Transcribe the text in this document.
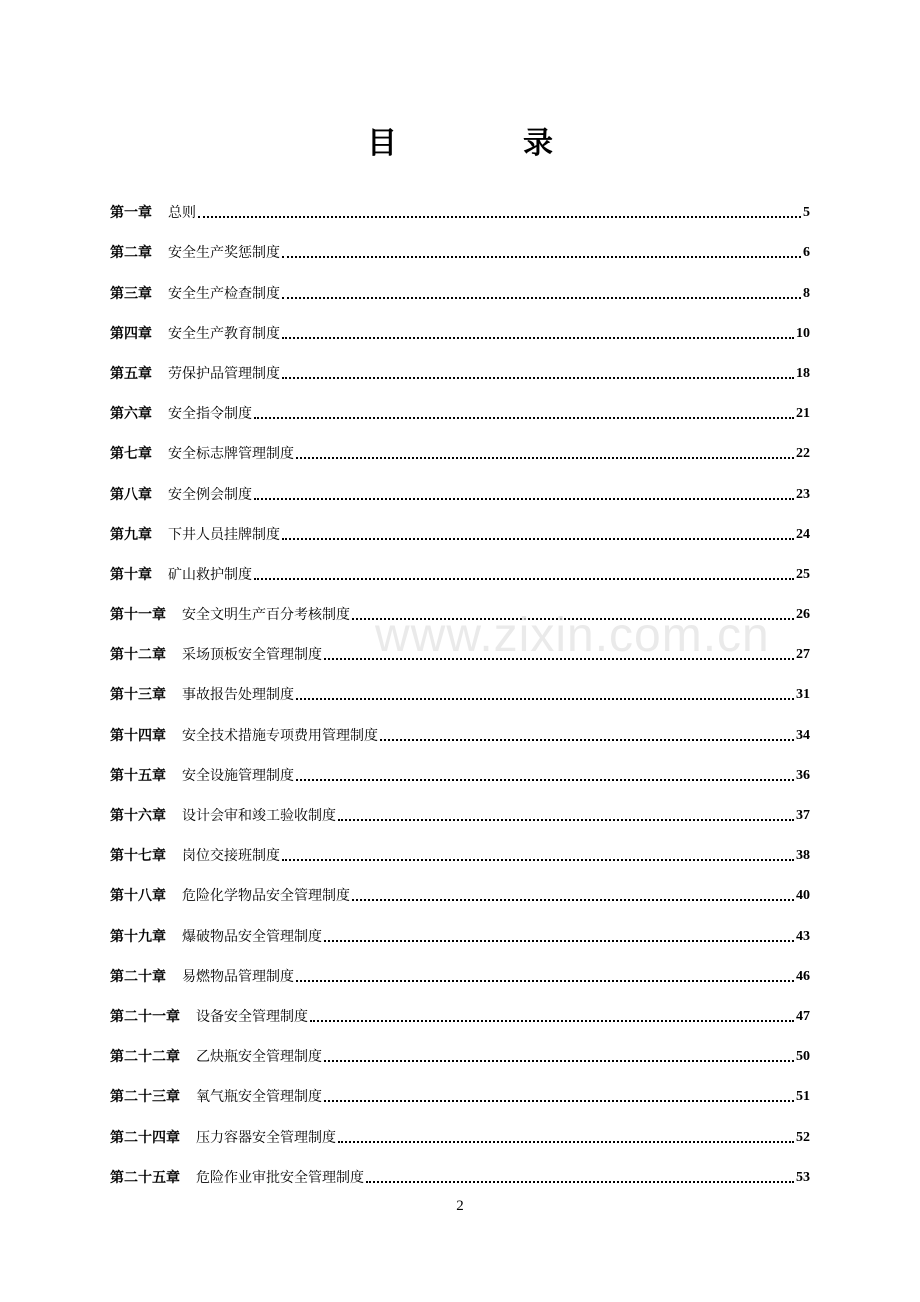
目　录
第一章 总则	5
第二章 安全生产奖惩制度	6
第三章 安全生产检查制度	8
第四章 安全生产教育制度	10
第五章 劳保护品管理制度	18
第六章 安全指令制度	21
第七章 安全标志牌管理制度	22
第八章 安全例会制度	23
第九章 下井人员挂牌制度	24
第十章 矿山救护制度	25
第十一章 安全文明生产百分考核制度	26
第十二章 采场顶板安全管理制度	27
第十三章 事故报告处理制度	31
第十四章 安全技术措施专项费用管理制度	34
第十五章 安全设施管理制度	36
第十六章 设计会审和竣工验收制度	37
第十七章 岗位交接班制度	38
第十八章 危险化学物品安全管理制度	40
第十九章 爆破物品安全管理制度	43
第二十章 易燃物品管理制度	46
第二十一章 设备安全管理制度	47
第二十二章 乙炔瓶安全管理制度	50
第二十三章 氧气瓶安全管理制度	51
第二十四章 压力容器安全管理制度	52
第二十五章 危险作业审批安全管理制度	53
www.zixin.com.cn
2
